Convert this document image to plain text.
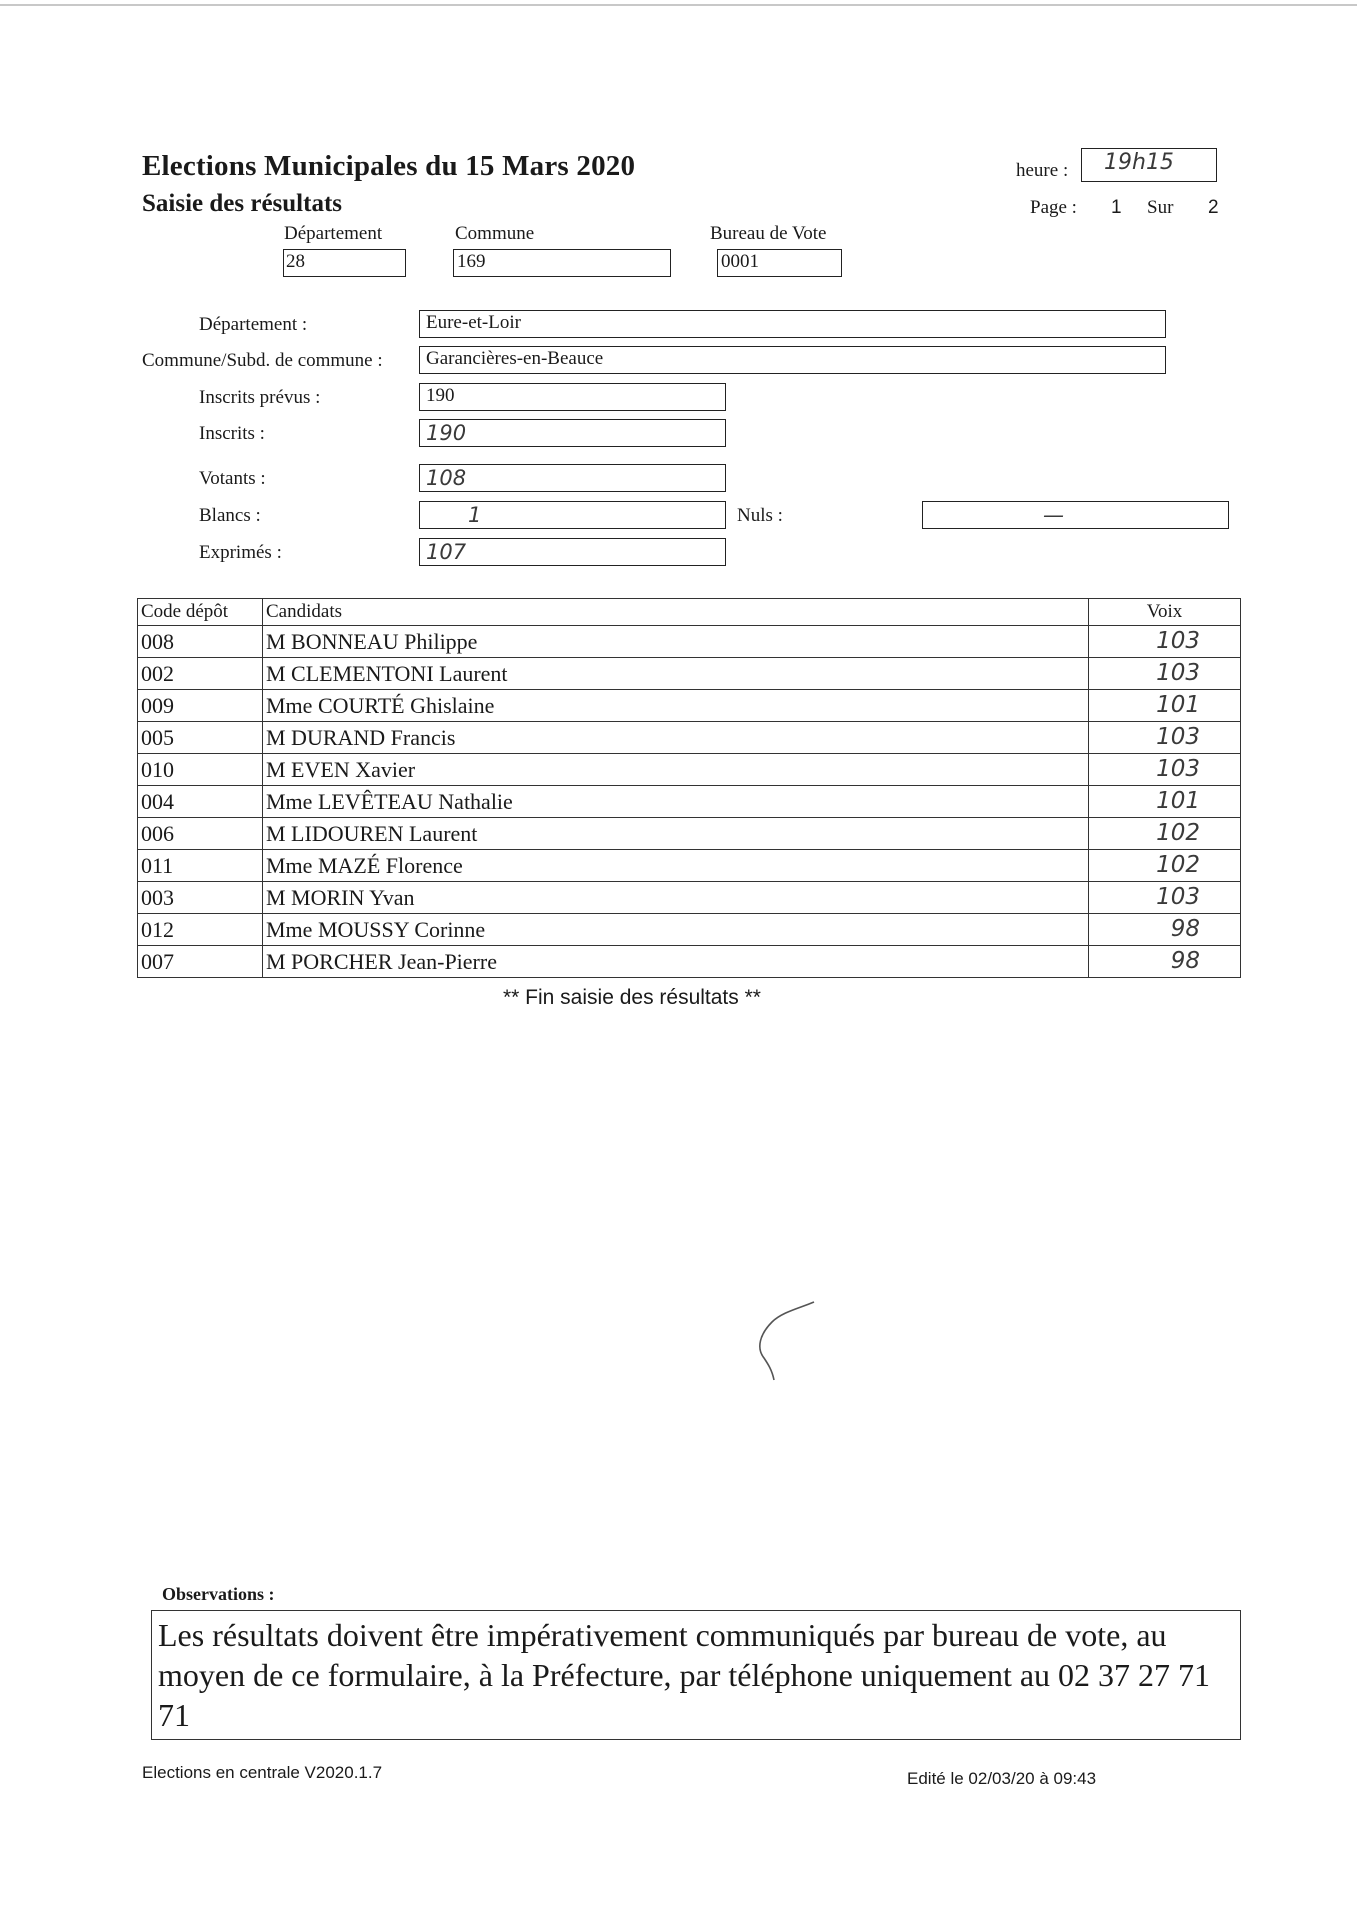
Elections Municipales du 15 Mars 2020
Saisie des résultats
heure :	19h15
Page : 1 Sur 2
Département
28
Commune
169
Bureau de Vote
0001
Département :	Eure-et-Loir
Commune/Subd. de commune :	Garancières-en-Beauce
Inscrits prévus :	190
Inscrits :	190
Votants :	108
Blancs :	1	Nuls :	—
Exprimés :	107
Code dépôt	Candidats	Voix
008	M BONNEAU Philippe	103
002	M CLEMENTONI Laurent	103
009	Mme COURTÉ Ghislaine	101
005	M DURAND Francis	103
010	M EVEN Xavier	103
004	Mme LEVÊTEAU Nathalie	101
006	M LIDOUREN Laurent	102
011	Mme MAZÉ Florence	102
003	M MORIN Yvan	103
012	Mme MOUSSY Corinne	98
007	M PORCHER Jean-Pierre	98
** Fin saisie des résultats **
Observations :
Les résultats doivent être impérativement communiqués par bureau de vote, au moyen de ce formulaire, à la Préfecture, par téléphone uniquement au 02 37 27 71 71
Elections en centrale V2020.1.7	Edité le 02/03/20 à 09:43
